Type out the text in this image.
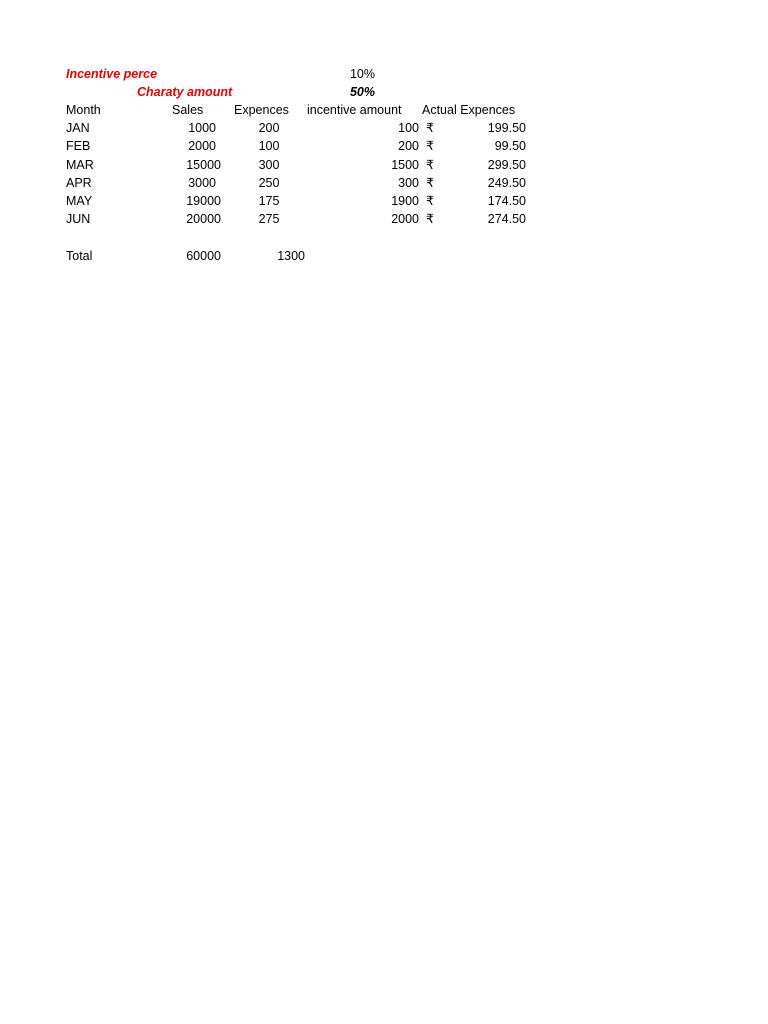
Incentive perce	10%
Charaty amount	50%
Month	Sales	Expences	incentive amount	Actual Expences
JAN	1000	200	100 ₹	199.50
FEB	2000	100	200 ₹	99.50
MAR	15000	300	1500 ₹	299.50
APR	3000	250	300 ₹	249.50
MAY	19000	175	1900 ₹	174.50
JUN	20000	275	2000 ₹	274.50
Total	60000	1300
